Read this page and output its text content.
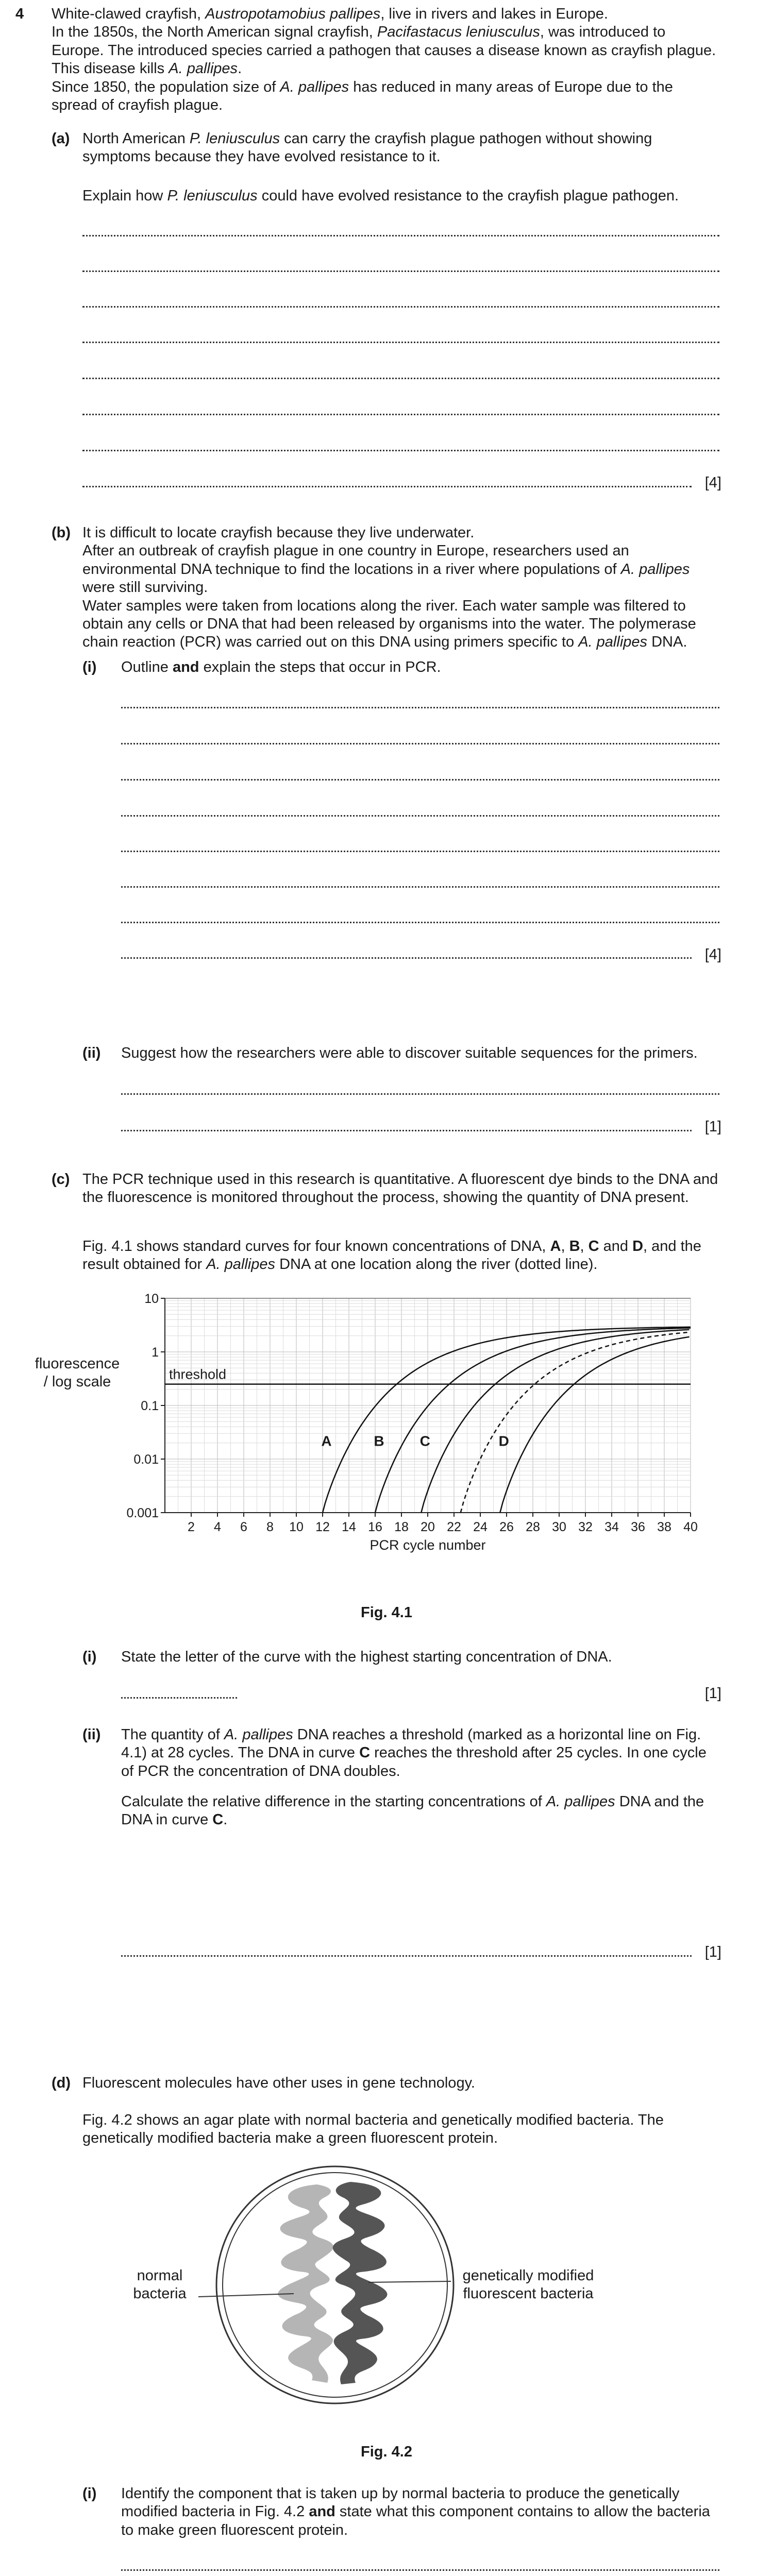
4 White-clawed crayfish, Austropotamobius pallipes, live in rivers and lakes in Europe.

In the 1850s, the North American signal crayfish, Pacifastacus leniusculus, was introduced to Europe. The introduced species carried a pathogen that causes a disease known as crayfish plague. This disease kills A. pallipes.

Since 1850, the population size of A. pallipes has reduced in many areas of Europe due to the spread of crayfish plague.

(a) North American P. leniusculus can carry the crayfish plague pathogen without showing symptoms because they have evolved resistance to it.
Explain how P. leniusculus could have evolved resistance to the crayfish plague pathogen.
[4]
(b) It is difficult to locate crayfish because they live underwater.

After an outbreak of crayfish plague in one country in Europe, researchers used an environmental DNA technique to find the locations in a river where populations of A. pallipes were still surviving.

Water samples were taken from locations along the river. Each water sample was filtered to obtain any cells or DNA that had been released by organisms into the water. The polymerase chain reaction (PCR) was carried out on this DNA using primers specific to A. pallipes DNA.

(i) Outline and explain the steps that occur in PCR.
[4]
(ii) Suggest how the researchers were able to discover suitable sequences for the primers.
[1]
(c) The PCR technique used in this research is quantitative. A fluorescent dye binds to the DNA and the fluorescence is monitored throughout the process, showing the quantity of DNA present.
Fig. 4.1 shows standard curves for four known concentrations of DNA, A, B, C and D, and the result obtained for A. pallipes DNA at one location along the river (dotted line).
fluorescence
/ log scale
0.001
0.01
0.1
1
10
2 4 6 8 10 12 14 16 18 20 22 24 26 28 30 32 34 36 38 40
PCR cycle number
threshold
A	B C	D
Fig. 4.1
(i) State the letter of the curve with the highest starting concentration of DNA.
[1]
(ii) The quantity of A. pallipes DNA reaches a threshold (marked as a horizontal line on Fig. 4.1) at 28 cycles. The DNA in curve C reaches the threshold after 25 cycles. In one cycle of PCR the concentration of DNA doubles.
Calculate the relative difference in the starting concentrations of A. pallipes DNA and the DNA in curve C.
[1]
(d) Fluorescent molecules have other uses in gene technology.
Fig. 4.2 shows an agar plate with normal bacteria and genetically modified bacteria. The genetically modified bacteria make a green fluorescent protein.
normal
bacteria
genetically modified
fluorescent bacteria
Fig. 4.2
(i) Identify the component that is taken up by normal bacteria to produce the genetically modified bacteria in Fig. 4.2 and state what this component contains to allow the bacteria to make green fluorescent protein.
